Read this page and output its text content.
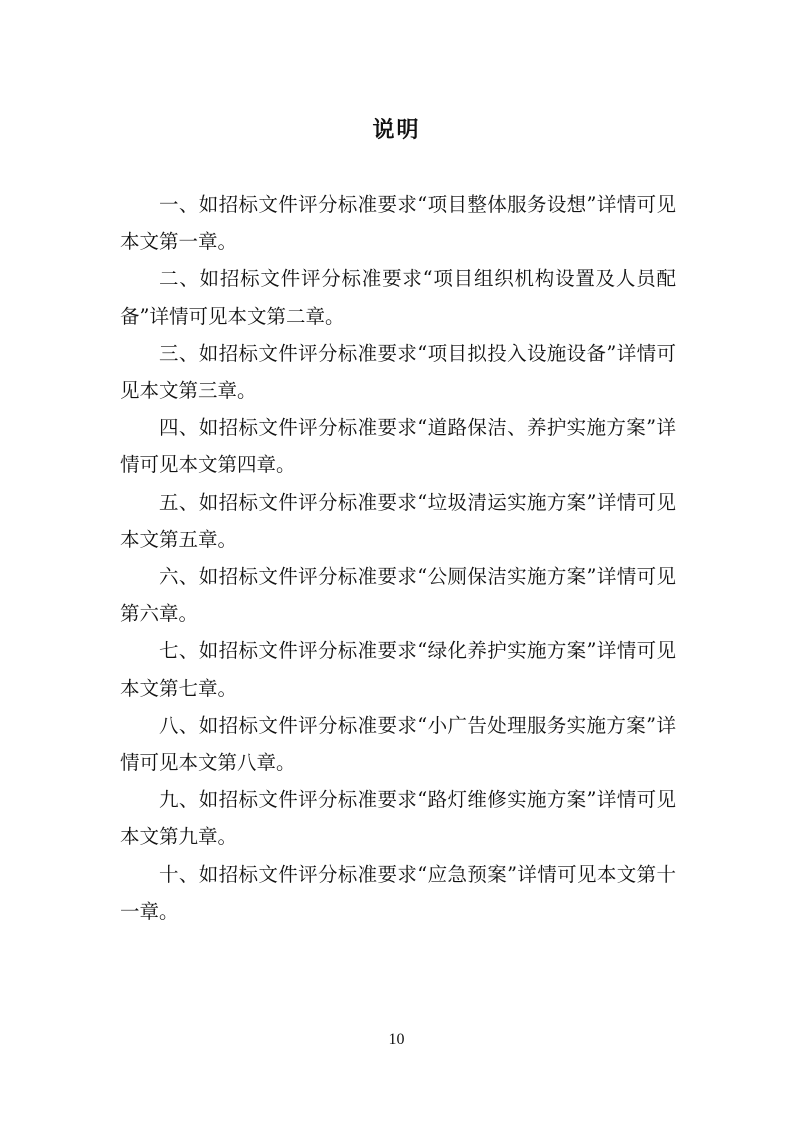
说明

一、如招标文件评分标准要求“项目整体服务设想”详情可见本文第一章。

二、如招标文件评分标准要求“项目组织机构设置及人员配备”详情可见本文第二章。

三、如招标文件评分标准要求“项目拟投入设施设备”详情可见本文第三章。

四、如招标文件评分标准要求“道路保洁、养护实施方案”详情可见本文第四章。

五、如招标文件评分标准要求“垃圾清运实施方案”详情可见本文第五章。

六、如招标文件评分标准要求“公厕保洁实施方案”详情可见第六章。

七、如招标文件评分标准要求“绿化养护实施方案”详情可见本文第七章。

八、如招标文件评分标准要求“小广告处理服务实施方案”详情可见本文第八章。

九、如招标文件评分标准要求“路灯维修实施方案”详情可见本文第九章。

十、如招标文件评分标准要求“应急预案”详情可见本文第十一章。

10
